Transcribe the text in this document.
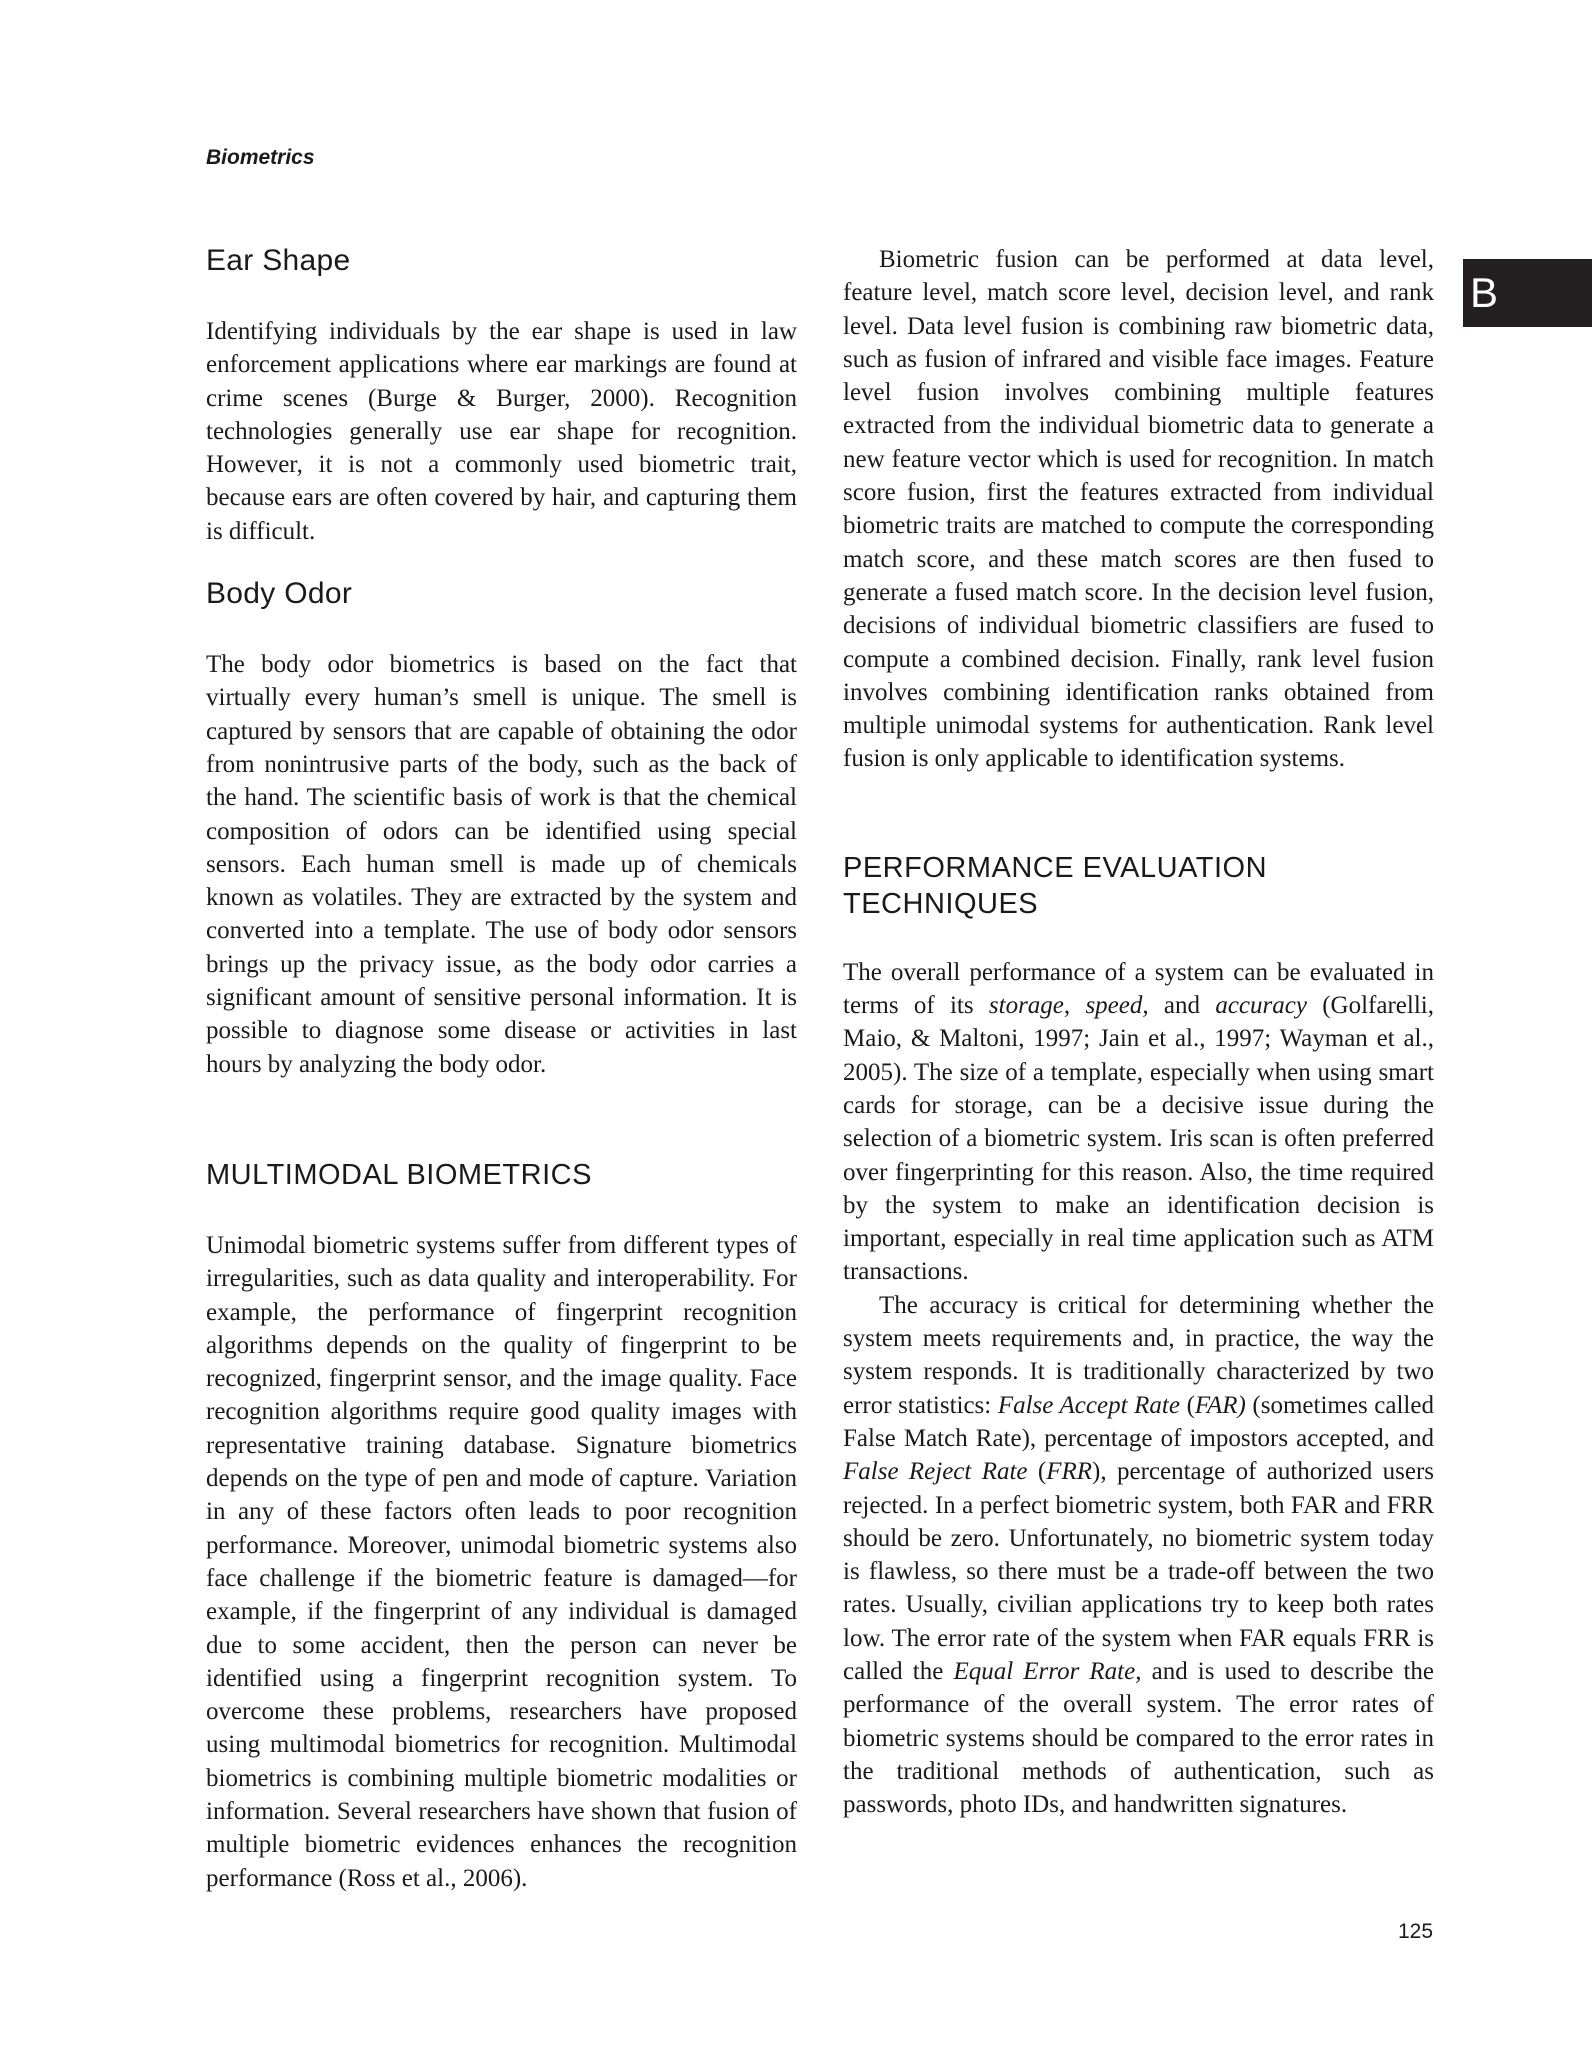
Biometrics
B
Ear Shape

Identifying individuals by the ear shape is used in law enforcement applications where ear markings are found at crime scenes (Burge & Burger, 2000). Recognition technologies generally use ear shape for recognition. However, it is not a commonly used biometric trait, because ears are often covered by hair, and capturing them is difficult.

Body Odor

The body odor biometrics is based on the fact that virtually every human’s smell is unique. The smell is captured by sensors that are capable of obtaining the odor from nonintrusive parts of the body, such as the back of the hand. The scientific basis of work is that the chemical composition of odors can be identified using special sensors. Each human smell is made up of chemicals known as volatiles. They are extracted by the system and converted into a template. The use of body odor sensors brings up the privacy issue, as the body odor carries a significant amount of sensitive personal information. It is possible to diagnose some disease or activities in last hours by analyzing the body odor.

MULTIMODAL BIOMETRICS

Unimodal biometric systems suffer from different types of irregularities, such as data quality and interoperability. For example, the performance of fingerprint recognition algorithms depends on the quality of fingerprint to be recognized, fingerprint sensor, and the image quality. Face recognition algorithms require good quality images with representative training database. Signature biometrics depends on the type of pen and mode of capture. Variation in any of these factors often leads to poor recognition performance. Moreover, unimodal biometric systems also face challenge if the biometric feature is damaged—for example, if the fingerprint of any individual is damaged due to some accident, then the person can never be identified using a fingerprint recognition system. To overcome these problems, researchers have proposed using multimodal biometrics for recognition. Multimodal biometrics is combining multiple biometric modalities or information. Several researchers have shown that fusion of multiple biometric evidences enhances the recognition performance (Ross et al., 2006).

Biometric fusion can be performed at data level, feature level, match score level, decision level, and rank level. Data level fusion is combining raw biometric data, such as fusion of infrared and visible face images. Feature level fusion involves combining multiple features extracted from the individual biometric data to generate a new feature vector which is used for recognition. In match score fusion, first the features extracted from individual biometric traits are matched to compute the corresponding match score, and these match scores are then fused to generate a fused match score. In the decision level fusion, decisions of individual biometric classifiers are fused to compute a combined decision. Finally, rank level fusion involves combining identification ranks obtained from multiple unimodal systems for authentication. Rank level fusion is only applicable to identification systems.

PERFORMANCE EVALUATION
TECHNIQUES

The overall performance of a system can be evaluated in terms of its storage, speed, and accuracy (Golfarelli, Maio, & Maltoni, 1997; Jain et al., 1997; Wayman et al., 2005). The size of a template, especially when using smart cards for storage, can be a decisive issue during the selection of a biometric system. Iris scan is often preferred over fingerprinting for this reason. Also, the time required by the system to make an identification decision is important, especially in real time application such as ATM transactions.

The accuracy is critical for determining whether the system meets requirements and, in practice, the way the system responds. It is traditionally characterized by two error statistics: False Accept Rate (FAR) (sometimes called False Match Rate), percentage of impostors accepted, and False Reject Rate (FRR), percentage of authorized users rejected. In a perfect biometric system, both FAR and FRR should be zero. Unfortunately, no biometric system today is flawless, so there must be a trade-off between the two rates. Usually, civilian applications try to keep both rates low. The error rate of the system when FAR equals FRR is called the Equal Error Rate, and is used to describe the performance of the overall system. The error rates of biometric systems should be compared to the error rates in the traditional methods of authentication, such as passwords, photo IDs, and handwritten signatures.

125
